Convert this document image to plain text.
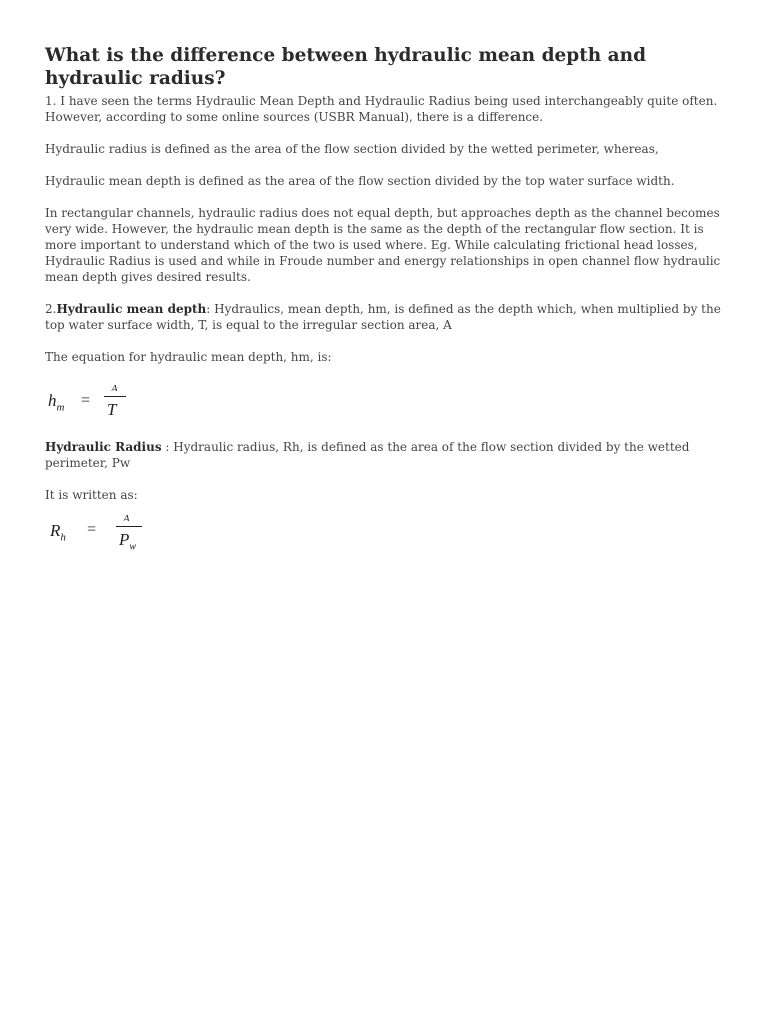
What is the difference between hydraulic mean depth and hydraulic radius?

1. I have seen the terms Hydraulic Mean Depth and Hydraulic Radius being used interchangeably quite often. However, according to some online sources (USBR Manual), there is a difference.

Hydraulic radius is defined as the area of the flow section divided by the wetted perimeter, whereas,

Hydraulic mean depth is defined as the area of the flow section divided by the top water surface width.

In rectangular channels, hydraulic radius does not equal depth, but approaches depth as the channel becomes very wide. However, the hydraulic mean depth is the same as the depth of the rectangular flow section. It is more important to understand which of the two is used where. Eg. While calculating frictional head losses, Hydraulic Radius is used and while in Froude number and energy relationships in open channel flow hydraulic mean depth gives desired results.

2.Hydraulic mean depth: Hydraulics, mean depth, hm, is defined as the depth which, when multiplied by the top water surface width, T, is equal to the irregular section area, A

The equation for hydraulic mean depth, hm, is:

$h_m$ =
A
T

Hydraulic Radius : Hydraulic radius, Rh, is defined as the area of the flow section divided by the wetted perimeter, Pw

It is written as:

$R_h$ =
A
$P_w$
